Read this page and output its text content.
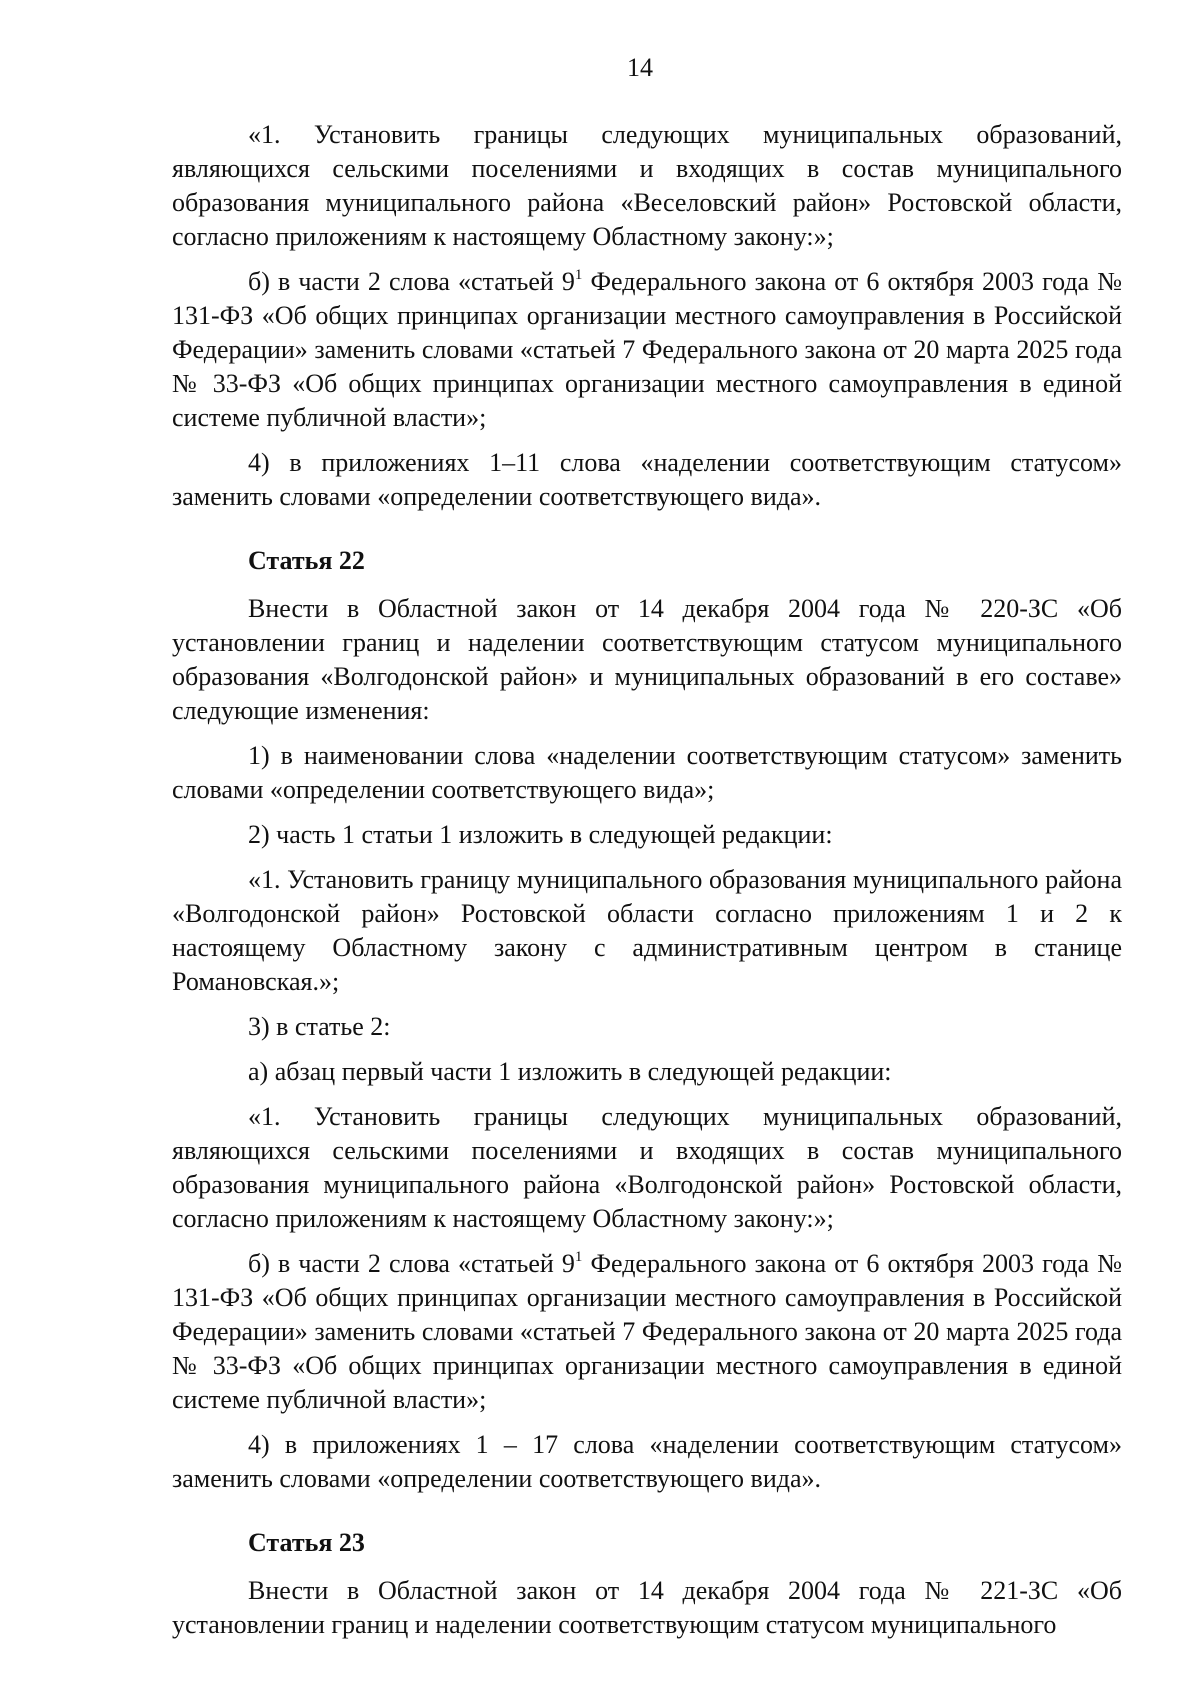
14

«1. Установить границы следующих муниципальных образований, являющихся сельскими поселениями и входящих в состав муниципального образования муниципального района «Веселовский район» Ростовской области, согласно приложениям к настоящему Областному закону:»;

б) в части 2 слова «статьей $9^1$ Федерального закона от 6 октября 2003 года № 131-ФЗ «Об общих принципах организации местного самоуправления в Российской Федерации» заменить словами «статьей 7 Федерального закона от 20 марта 2025 года № 33-ФЗ «Об общих принципах организации местного самоуправления в единой системе публичной власти»;

4) в приложениях 1–11 слова «наделении соответствующим статусом» заменить словами «определении соответствующего вида».

Статья 22

Внести в Областной закон от 14 декабря 2004 года № 220-ЗС «Об установлении границ и наделении соответствующим статусом муниципального образования «Волгодонской район» и муниципальных образований в его составе» следующие изменения:

1) в наименовании слова «наделении соответствующим статусом» заменить словами «определении соответствующего вида»;

2) часть 1 статьи 1 изложить в следующей редакции:

«1. Установить границу муниципального образования муниципального района «Волгодонской район» Ростовской области согласно приложениям 1 и 2 к настоящему Областному закону с административным центром в станице Романовская.»;

3) в статье 2:

а) абзац первый части 1 изложить в следующей редакции:

«1. Установить границы следующих муниципальных образований, являющихся сельскими поселениями и входящих в состав муниципального образования муниципального района «Волгодонской район» Ростовской области, согласно приложениям к настоящему Областному закону:»;

б) в части 2 слова «статьей $9^1$ Федерального закона от 6 октября 2003 года № 131-ФЗ «Об общих принципах организации местного самоуправления в Российской Федерации» заменить словами «статьей 7 Федерального закона от 20 марта 2025 года № 33-ФЗ «Об общих принципах организации местного самоуправления в единой системе публичной власти»;

4) в приложениях 1 – 17 слова «наделении соответствующим статусом» заменить словами «определении соответствующего вида».

Статья 23

Внести в Областной закон от 14 декабря 2004 года № 221-ЗС «Об установлении границ и наделении соответствующим статусом муниципального
